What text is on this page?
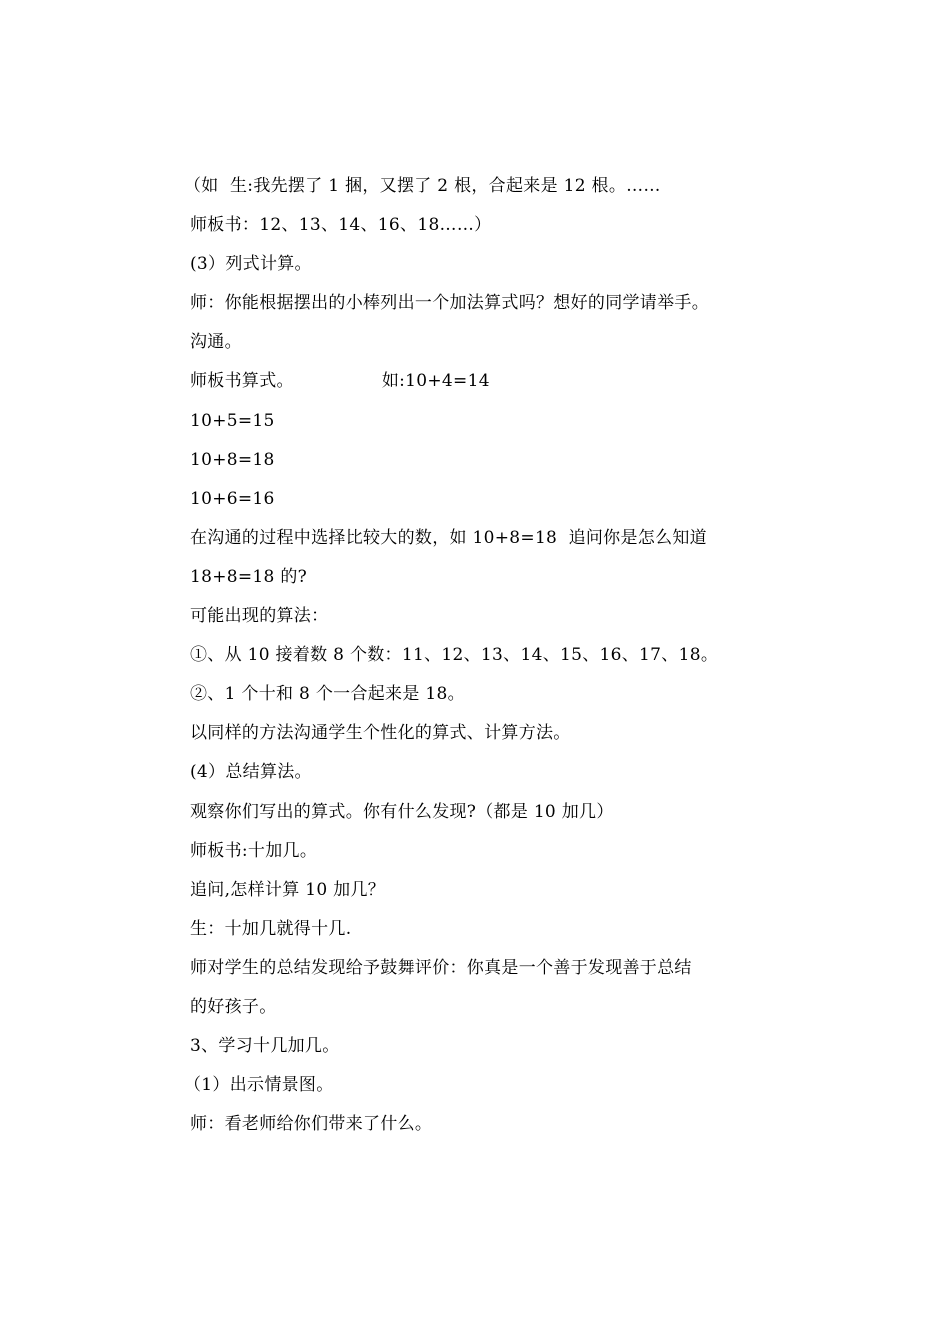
（如  生:我先摆了 1 捆，又摆了 2 根，合起来是 12 根。……
师板书：12、13、14、16、18……）
(3）列式计算。
师：你能根据摆出的小棒列出一个加法算式吗？想好的同学请举手。
沟通。
师板书算式。	如:10+4=14
10+5=15
10+8=18
10+6=16
在沟通的过程中选择比较大的数，如 10+8=18  追问你是怎么知道
18+8=18 的?
可能出现的算法：
①、从 10 接着数 8 个数：11、12、13、14、15、16、17、18。
②、1 个十和 8 个一合起来是 18。
以同样的方法沟通学生个性化的算式、计算方法。
(4）总结算法。
观察你们写出的算式。你有什么发现?（都是 10 加几）
师板书:十加几。
追问,怎样计算 10 加几？
生：十加几就得十几.
师对学生的总结发现给予鼓舞评价：你真是一个善于发现善于总结
的好孩子。
3、学习十几加几。
（1）出示情景图。
师：看老师给你们带来了什么。
